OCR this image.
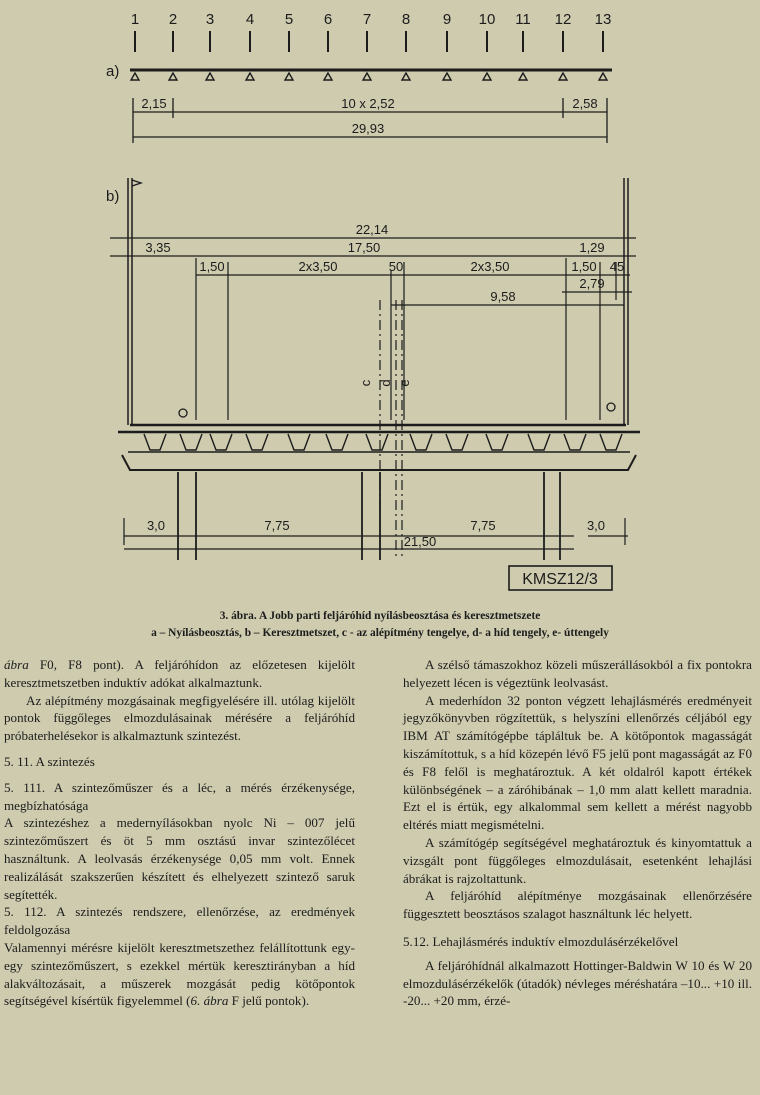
1 2 3 4 5 6 7 8 9 10 11 12 13
a)
2,15	10 x 2,52	2,58
29,93
b)
22,14
3,35	17,50	1,29
1,50	2x3,50	50	2x3,50	1,50 45
2,79
9,58
c d e
3,0	7,75	7,75	3,0
21,50
KMSZ12/3
3. ábra. A Jobb parti feljáróhíd nyílásbeosztása és keresztmetszete
a – Nyílásbeosztás, b – Keresztmetszet, c - az alépítmény tengelye, d- a híd tengely, e- úttengely

ábra F0, F8 pont). A feljáróhídon az előzetesen kijelölt keresztmetszetben induktív adókat alkalmaztunk.

Az alépítmény mozgásainak megfigyelésére ill. utólag kijelölt pontok függőleges elmozdulásainak mérésére a feljáróhíd próbaterhelésekor is alkalmaztunk szintezést.

5. 11. A szintezés

5. 111. A szintezőműszer és a léc, a mérés érzékenysége, megbízhatósága

A szintezéshez a medernyílásokban nyolc Ni – 007 jelű szintezőműszert és öt 5 mm osztású invar szintezőlécet használtunk. A leolvasás érzékenysége 0,05 mm volt. Ennek realizálását szakszerűen készített és elhelyezett szintező saruk segítették.

5. 112. A szintezés rendszere, ellenőrzése, az eredmények feldolgozása

Valamennyi mérésre kijelölt keresztmetszethez felállítottunk egy-egy szintezőműszert, s ezekkel mértük keresztirányban a híd alakváltozásait, a műszerek mozgását pedig kötőpontok segítségével kísértük figyelemmel (6. ábra F jelű pontok).

A szélső támaszokhoz közeli műszerállásokból a fix pontokra helyezett lécen is végeztünk leolvasást.

A mederhídon 32 ponton végzett lehajlásmérés eredményeit jegyzőkönyvben rögzítettük, s helyszíni ellenőrzés céljából egy IBM AT számítógépbe tápláltuk be. A kötőpontok magasságát kiszámítottuk, s a híd közepén lévő F5 jelű pont magasságát az F0 és F8 felől is meghatároztuk. A két oldalról kapott értékek különbségének – a záróhibának – 1,0 mm alatt kellett maradnia. Ezt el is értük, egy alkalommal sem kellett a mérést nagyobb eltérés miatt megismételni.

A számítógép segítségével meghatároztuk és kinyomtattuk a vizsgált pont függőleges elmozdulásait, esetenként lehajlási ábrákat is rajzoltattunk.

A feljáróhíd alépítménye mozgásainak ellenőrzésére függesztett beosztásos szalagot használtunk léc helyett.

5.12. Lehajlásmérés induktív elmozdulásérzékelővel

A feljáróhídnál alkalmazott Hottinger-Baldwin W 10 és W 20 elmozdulásérzékelők (útadók) névleges méréshatára –10... +10 ill. -20... +20 mm, érzé-
